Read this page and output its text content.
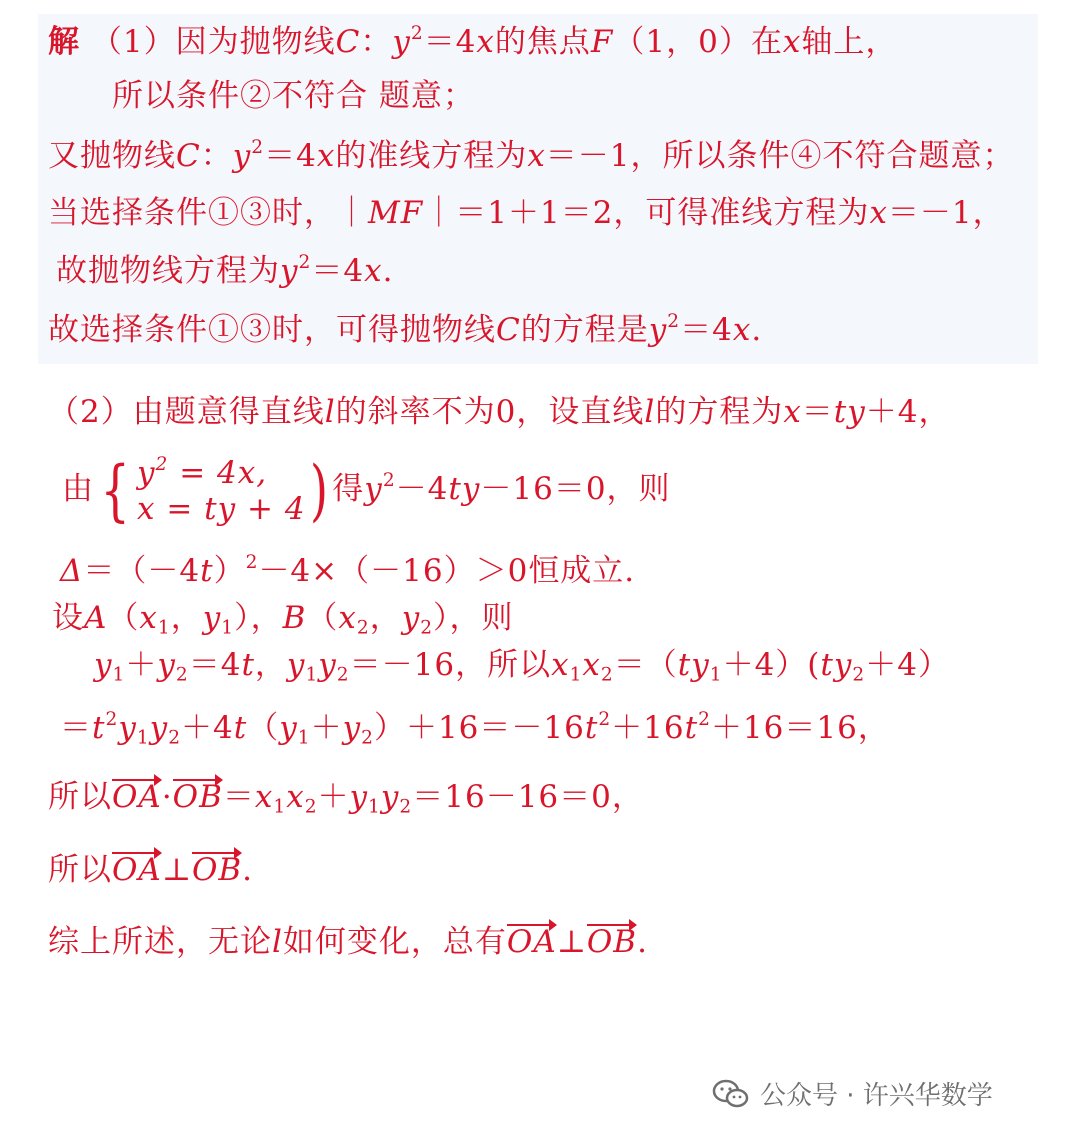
解 （1）因为抛物线C：$y^2=4x$的焦点F（1，0）在x轴上，
所以条件②不符合 题意；
又抛物线C：$y^2=4x$的准线方程为x＝－1，所以条件④不符合题意；
当选择条件①③时，｜MF｜＝1＋1＝2，可得准线方程为x＝－1，
故抛物线方程为$y^2=4x$.
故选择条件①③时，可得抛物线C的方程是$y^2=4x$.
（2）由题意得直线l的斜率不为0，设直线l的方程为x＝ty＋4，
由 { $y^2 = 4x$,
x = ty + 4 ) 得$y^2-4ty-16=0$，则
$\Delta=(-4t)^2-4\times(-16)>0$恒成立.
设$A(x_1$，$y_1$），$B(x_2$，$y_2$），则
$y_1+y_2=4t$，$y_1y_2=-16$，所以$x_1x_2=(ty_1+4)(ty_2+4)$
$=t^2y_1y_2+4t(y_1+y_2)+16=-16t^2+16t^2+16=16$，
所以$OA\cdot OB=x_1x_2+y_1y_2=16-16=0$，
所以OA⊥OB.
综上所述，无论l如何变化，总有OA⊥OB.
公众号 · 许兴华数学
